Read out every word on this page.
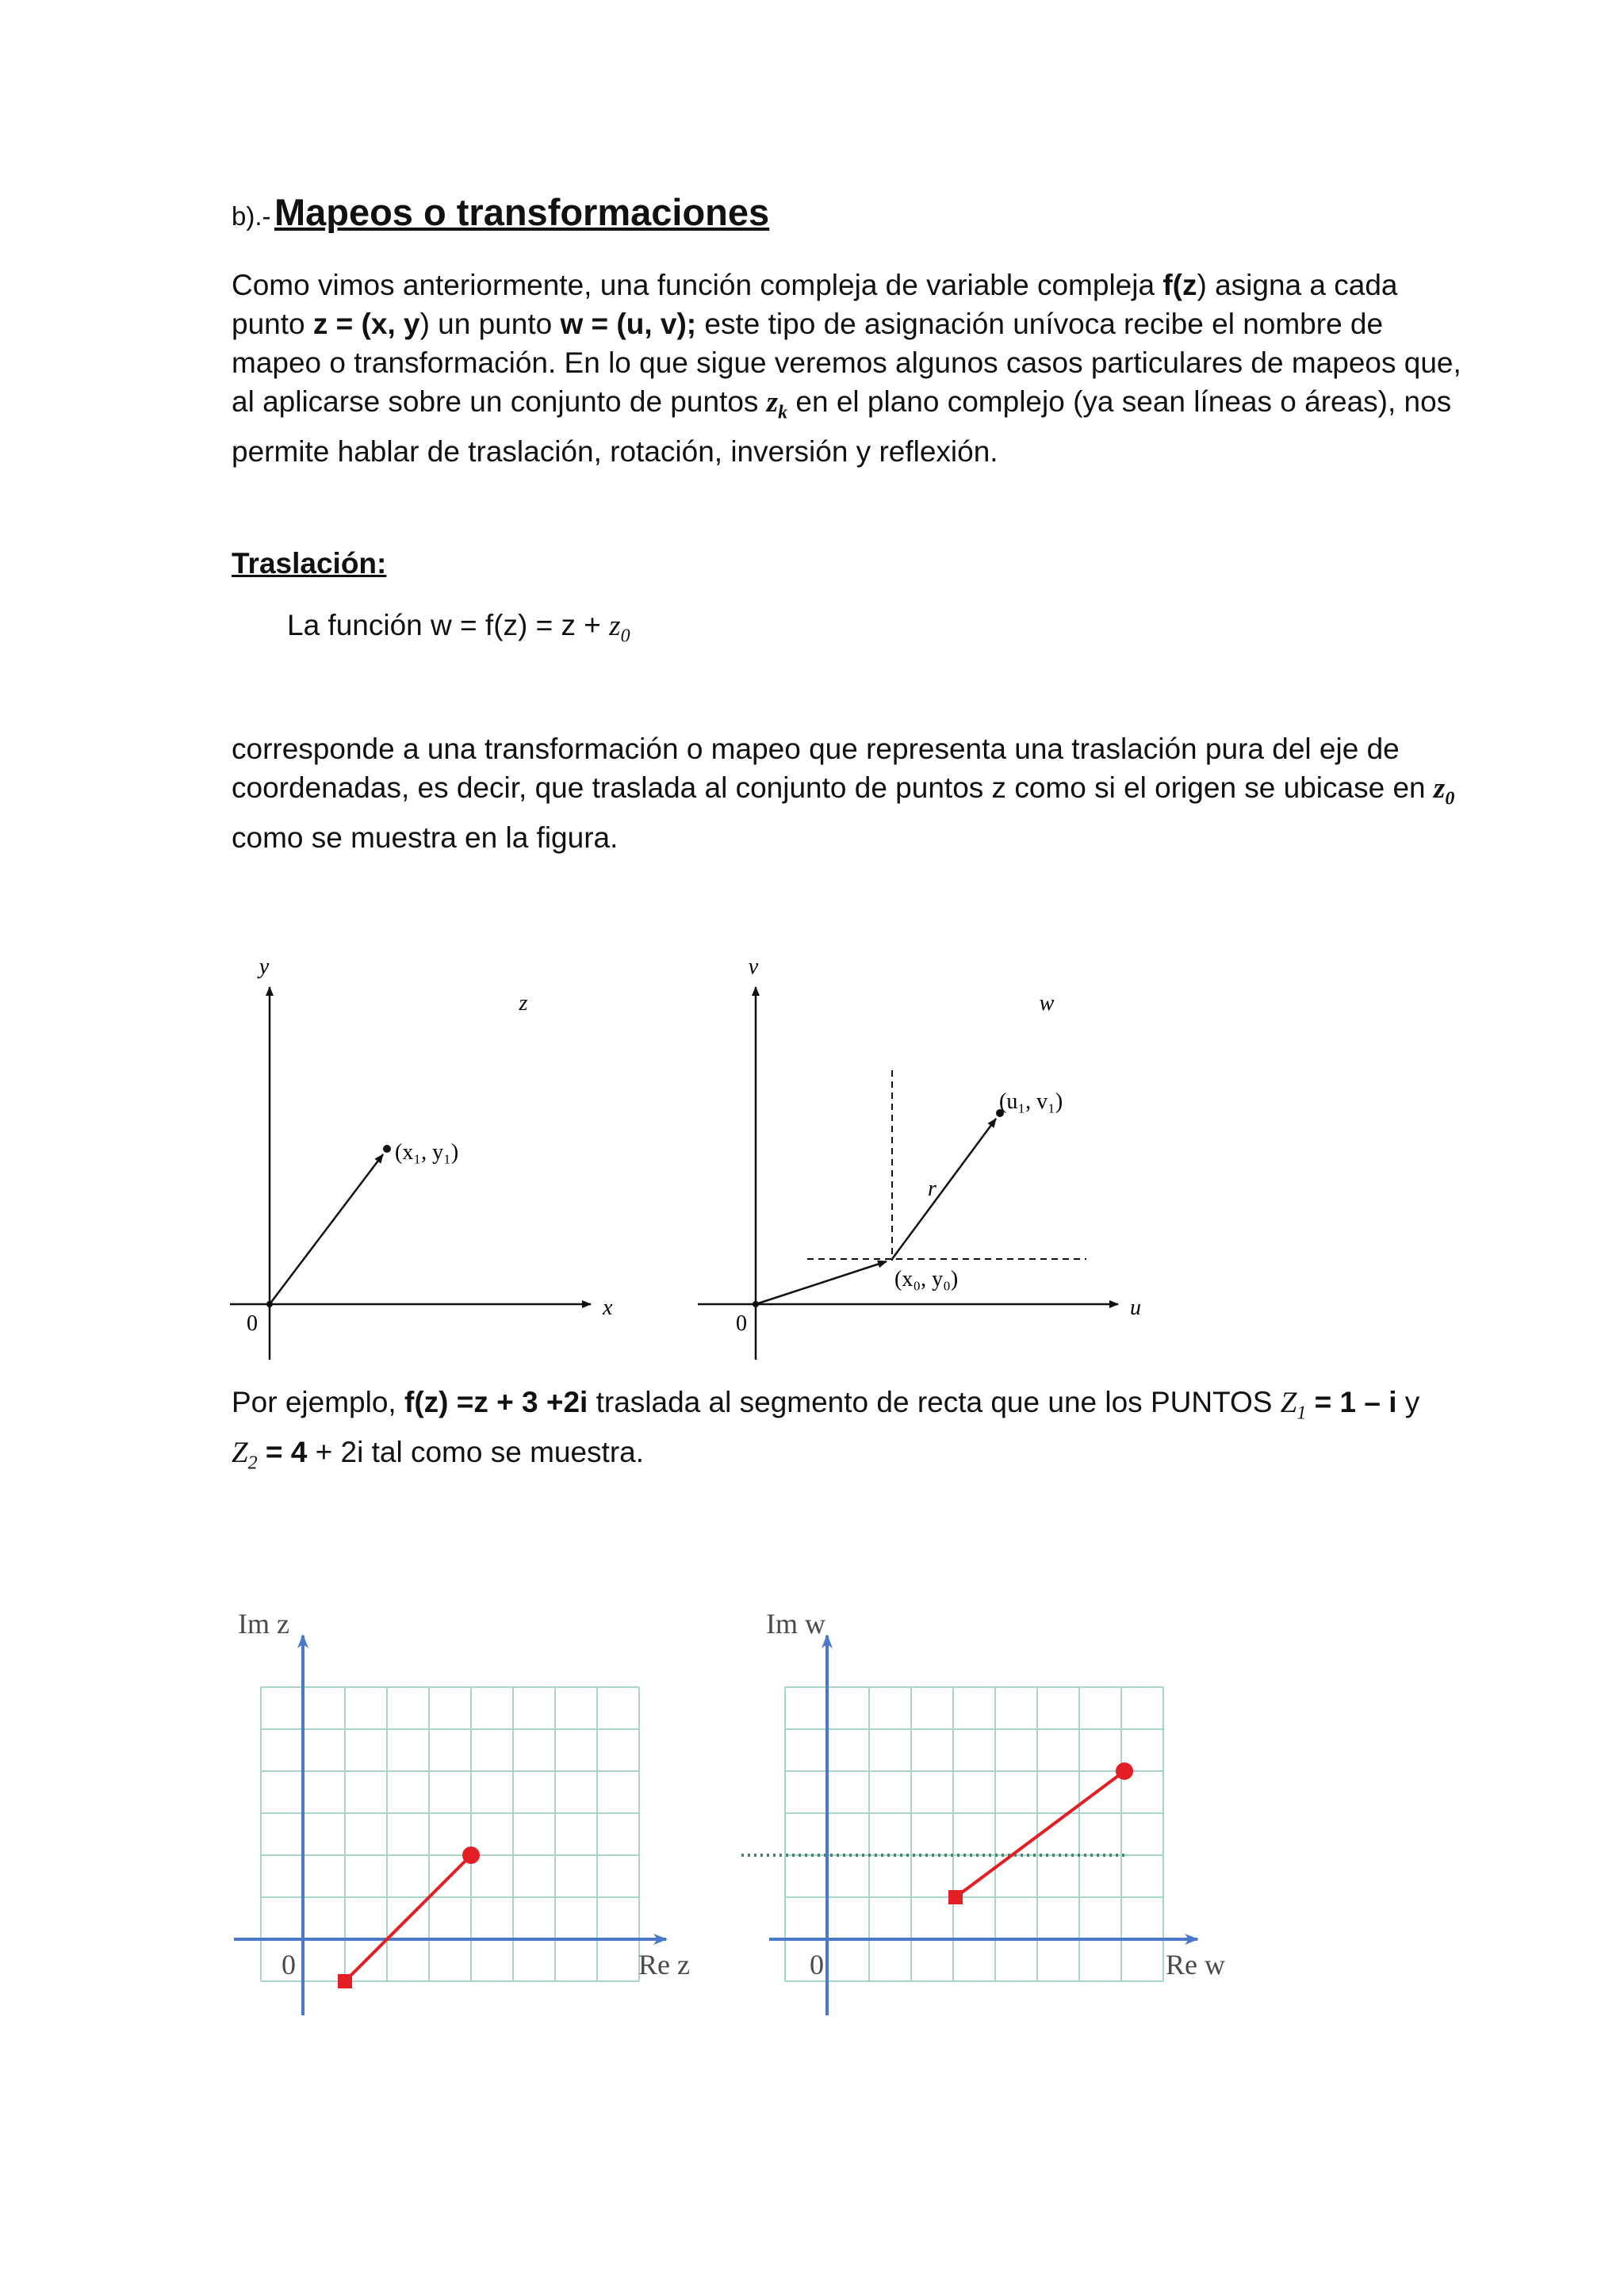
b).- Mapeos o transformaciones
Como vimos anteriormente, una función compleja de variable compleja f(z) asigna a cada
punto z = (x, y) un punto w = (u, v); este tipo de asignación unívoca recibe el nombre de
mapeo o transformación. En lo que sigue veremos algunos casos particulares de mapeos que,
al aplicarse sobre un conjunto de puntos $z_k$ en el plano complejo (ya sean líneas o áreas), nos
permite hablar de traslación, rotación, inversión y reflexión.
Traslación:
La función $w = f(z) = z + z_0$
corresponde a una transformación o mapeo que representa una traslación pura del eje de
coordenadas, es decir, que traslada al conjunto de puntos z como si el origen se ubicase en $z_0$
como se muestra en la figura.
y
x
0
z
(x₁, y₁)
v
u
0
w
(u₁, v₁)
(x₀, y₀)
r
Por ejemplo, f(z) =z + 3 +2i traslada al segmento de recta que une los PUNTOS $Z_1 = 1 - i$ y
$Z_2 = 4 + 2i$ tal como se muestra.
Im z
Re z
0
Im w
Re w
0
